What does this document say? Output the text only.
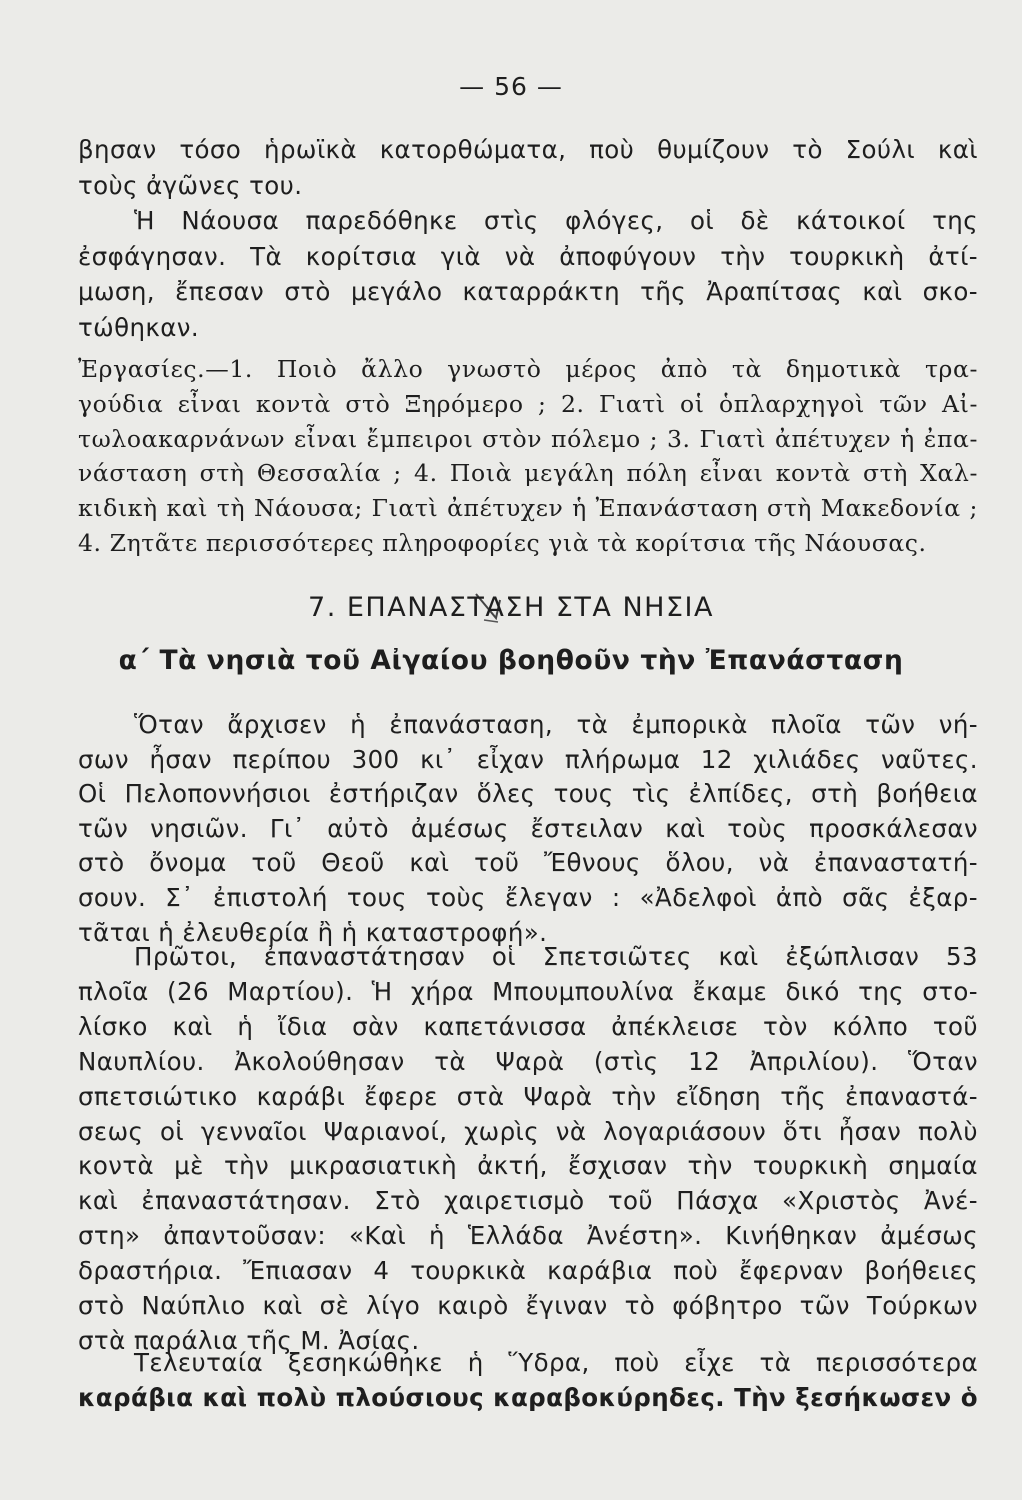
— 56 —
βησαν τόσο ἡρωϊκὰ κατορθώματα, ποὺ θυμίζουν τὸ Σούλι καὶ
τοὺς ἀγῶνες του.
Ἡ Νάουσα παρεδόθηκε στὶς φλόγες, οἱ δὲ κάτοικοί της
ἐσφάγησαν. Τὰ κορίτσια γιὰ νὰ ἀποφύγουν τὴν τουρκικὴ ἀτί-
μωση, ἔπεσαν στὸ μεγάλο καταρράκτη τῆς Ἀραπίτσας καὶ σκο-
τώθηκαν.
Ἐργασίες.—1. Ποιὸ ἄλλο γνωστὸ μέρος ἀπὸ τὰ δημοτικὰ τρα-
γούδια εἶναι κοντὰ στὸ Ξηρόμερο ; 2. Γιατὶ οἱ ὁπλαρχηγοὶ τῶν Αἰ-
τωλοακαρνάνων εἶναι ἔμπειροι στὸν πόλεμο ; 3. Γιατὶ ἀπέτυχεν ἡ ἐπα-
νάσταση στὴ Θεσσαλία ; 4. Ποιὰ μεγάλη πόλη εἶναι κοντὰ στὴ Χαλ-
κιδικὴ καὶ τὴ Νάουσα; Γιατὶ ἀπέτυχεν ἡ Ἐπανάσταση στὴ Μακεδονία ;
4. Ζητᾶτε περισσότερες πληροφορίες γιὰ τὰ κορίτσια τῆς Νάουσας.
7. ΕΠΑΝΑΣΤΑΣΗ ΣΤΑ ΝΗΣΙΑ
α΄ Τὰ νησιὰ τοῦ Αἰγαίου βοηθοῦν τὴν Ἐπανάσταση
Ὅταν ἄρχισεν ἡ ἐπανάσταση, τὰ ἐμπορικὰ πλοῖα τῶν νή-
σων ἦσαν περίπου 300 κι᾽ εἶχαν πλήρωμα 12 χιλιάδες ναῦτες.
Οἱ Πελοποννήσιοι ἐστήριζαν ὅλες τους τὶς ἐλπίδες, στὴ βοήθεια
τῶν νησιῶν. Γι᾽ αὐτὸ ἀμέσως ἔστειλαν καὶ τοὺς προσκάλεσαν
στὸ ὄνομα τοῦ Θεοῦ καὶ τοῦ Ἔθνους ὅλου, νὰ ἐπαναστατή-
σουν. Σ᾽ ἐπιστολή τους τοὺς ἔλεγαν : «Ἀδελφοὶ ἀπὸ σᾶς ἐξαρ-
τᾶται ἡ ἐλευθερία ἢ ἡ καταστροφή».
Πρῶτοι, ἐπαναστάτησαν οἱ Σπετσιῶτες καὶ ἐξώπλισαν 53
πλοῖα (26 Μαρτίου). Ἡ χήρα Μπουμπουλίνα ἔκαμε δικό της στο-
λίσκο καὶ ἡ ἴδια σὰν καπετάνισσα ἀπέκλεισε τὸν κόλπο τοῦ
Ναυπλίου. Ἀκολούθησαν τὰ Ψαρὰ (στὶς 12 Ἀπριλίου). Ὅταν
σπετσιώτικο καράβι ἔφερε στὰ Ψαρὰ τὴν εἴδηση τῆς ἐπαναστά-
σεως οἱ γενναῖοι Ψαριανοί, χωρὶς νὰ λογαριάσουν ὅτι ἦσαν πολὺ
κοντὰ μὲ τὴν μικρασιατικὴ ἀκτή, ἔσχισαν τὴν τουρκικὴ σημαία
καὶ ἐπαναστάτησαν. Στὸ χαιρετισμὸ τοῦ Πάσχα «Χριστὸς Ἀνέ-
στη» ἀπαντοῦσαν: «Καὶ ἡ Ἑλλάδα Ἀνέστη». Κινήθηκαν ἀμέσως
δραστήρια. Ἔπιασαν 4 τουρκικὰ καράβια ποὺ ἔφερναν βοήθειες
στὸ Ναύπλιο καὶ σὲ λίγο καιρὸ ἔγιναν τὸ φόβητρο τῶν Τούρκων
στὰ παράλια τῆς Μ. Ἀσίας.
Τελευταία ξεσηκώθηκε ἡ Ὕδρα, ποὺ εἶχε τὰ περισσότερα
καράβια καὶ πολὺ πλούσιους καραβοκύρηδες. Τὴν ξεσήκωσεν ὁ
